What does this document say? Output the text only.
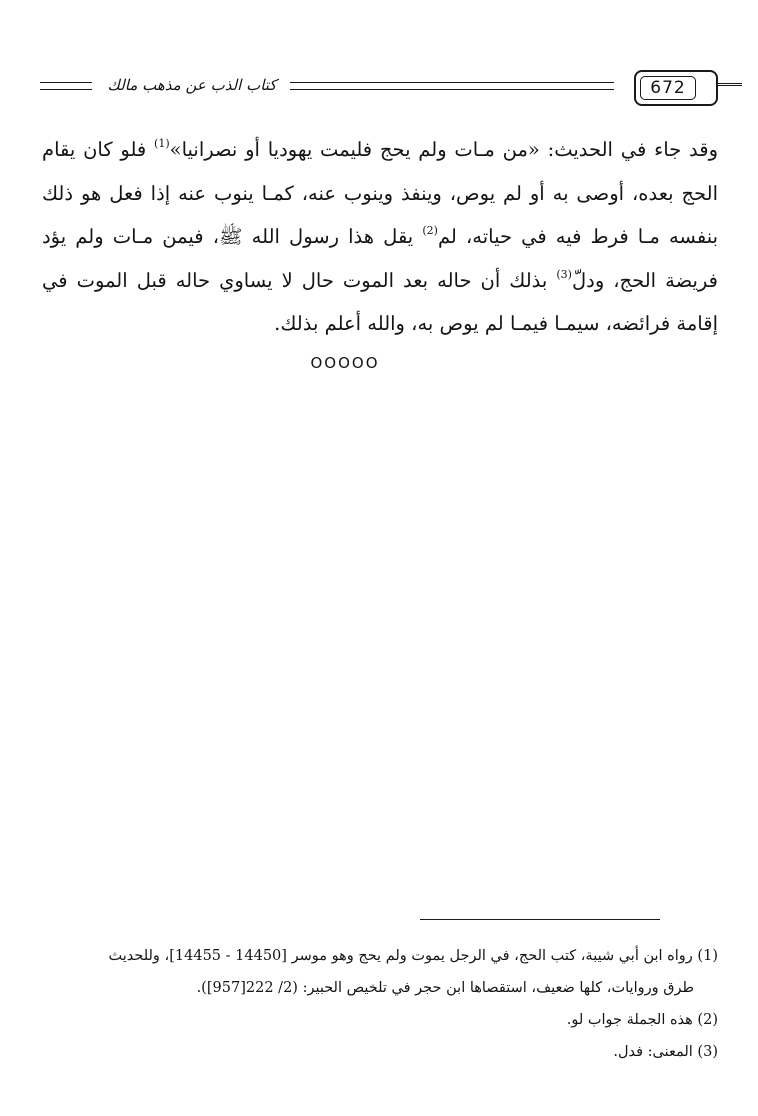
كتاب الذب عن مذهب مالك	672

وقد جاء في الحديث: «من مـات ولم يحج فليمت يهوديا أو نصرانيا»$^{(1)}$ فلو كان يقام الحج بعده، أوصى به أو لم يوص، وينفذ وينوب عنه، كمـا ينوب عنه إذا فعل هو ذلك بنفسه مـا فرط فيه في حياته، لم$^{(2)}$ يقل هذا رسول الله ﷺ، فيمن مـات ولم يؤد فريضة الحج، ودلّ$^{(3)}$ بذلك أن حاله بعد الموت حال لا يساوي حاله قبل الموت في إقامة فرائضه، سيمـا فيمـا لم يوص به، والله أعلم بذلك.

OOOOO

(1) رواه ابن أبي شيبة، كتب الحج، في الرجل يموت ولم يحج وهو موسر [14450 - 14455]، وللحديث

طرق وروايات، كلها ضعيف، استقصاها ابن حجر في تلخيص الحبير: (2/ 222[957]).

(2) هذه الجملة جواب لو.

(3) المعنى: فدل.
